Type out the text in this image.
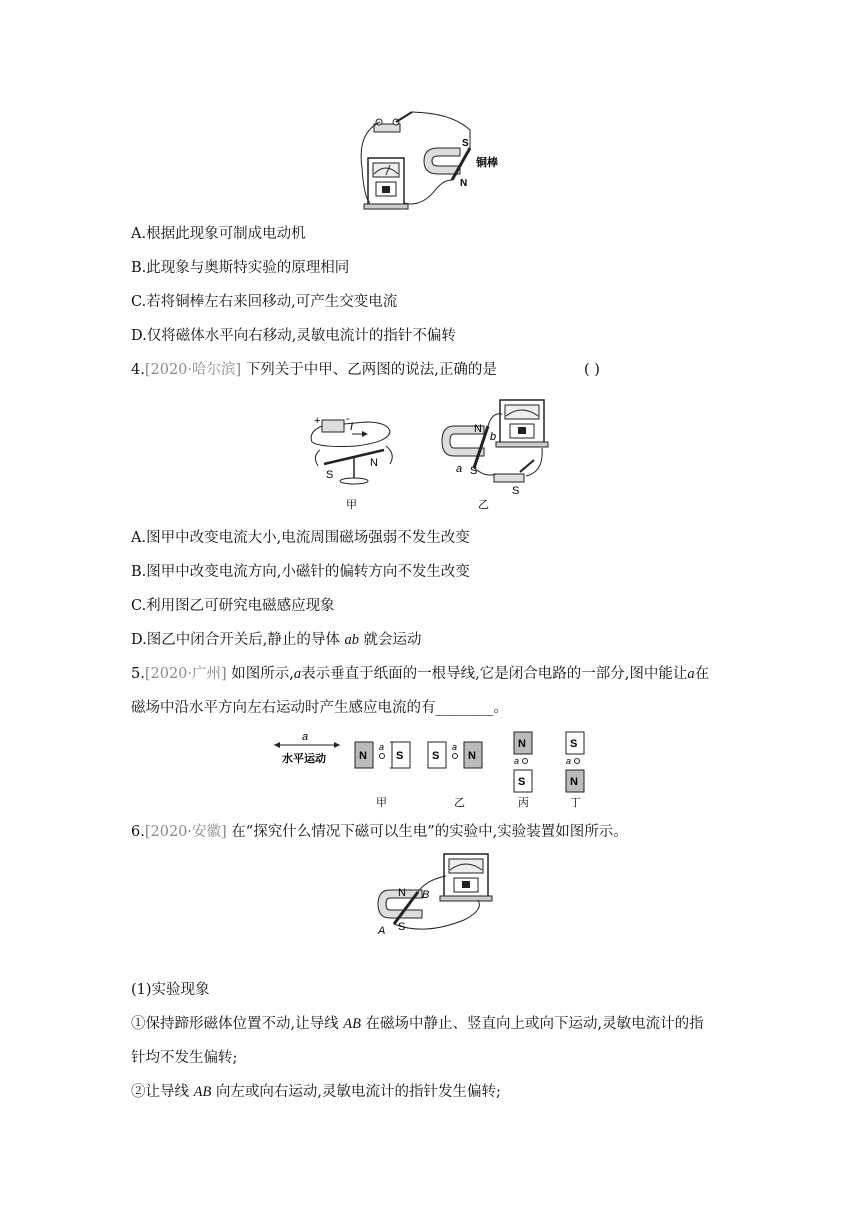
S
N
铜棒
A.根据此现象可制成电动机
B.此现象与奥斯特实验的原理相同
C.若将铜棒左右来回移动,可产生交变电流
D.仅将磁体水平向右移动,灵敏电流计的指针不偏转
4.[2020·哈尔滨] 下列关于中甲、乙两图的说法,正确的是	( )
+ -
I
S
N
甲
N
b
a S
S
乙
A.图甲中改变电流大小,电流周围磁场强弱不发生改变
B.图甲中改变电流方向,小磁针的偏转方向不发生改变
C.利用图乙可研究电磁感应现象
D.图乙中闭合开关后,静止的导体 ab 就会运动
5.[2020·广州] 如图所示,a表示垂直于纸面的一根导线,它是闭合电路的一部分,图中能让a在
磁场中沿水平方向左右运动时产生感应电流的有________。
a
水平运动	N
a
S	S
a
N
N
a
S
S
a
N
甲	乙	丙	丁
6.[2020·安徽] 在“探究什么情况下磁可以生电”的实验中,实验装置如图所示。
N B
A S
(1)实验现象
①保持蹄形磁体位置不动,让导线 AB 在磁场中静止、竖直向上或向下运动,灵敏电流计的指
针均不发生偏转;
②让导线 AB 向左或向右运动,灵敏电流计的指针发生偏转;
